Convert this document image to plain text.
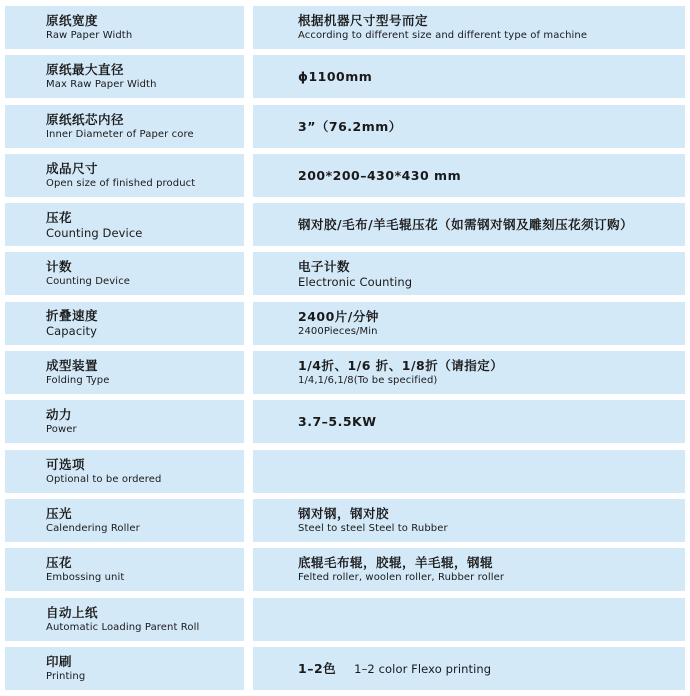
原纸宽度
Raw Paper Width
根据机器尺寸型号而定
According to different size and different type of machine
原纸最大直径
Max Raw Paper Width
ɸ1100mm
原纸纸芯内径
Inner Diameter of Paper core
3”（76.2mm）
成品尺寸
Open size of finished product
200*200–430*430 mm
压花
Counting Device
钢对胶/毛布/羊毛辊压花（如需钢对钢及雕刻压花须订购）
计数
Counting Device
电子计数
Electronic Counting
折叠速度
Capacity
2400片/分钟
2400Pieces/Min
成型装置
Folding Type
1/4折、1/6 折、1/8折（请指定）
1/4,1/6,1/8(To be specified)
动力
Power
3.7–5.5KW
可选项
Optional to be ordered
压光
Calendering Roller
钢对钢，钢对胶
Steel to steel Steel to Rubber
压花
Embossing unit
底辊毛布辊，胶辊，羊毛辊，钢辊
Felted roller, woolen roller, Rubber roller
自动上纸
Automatic Loading Parent Roll
印刷
Printing
1–2色 1–2 color Flexo printing
